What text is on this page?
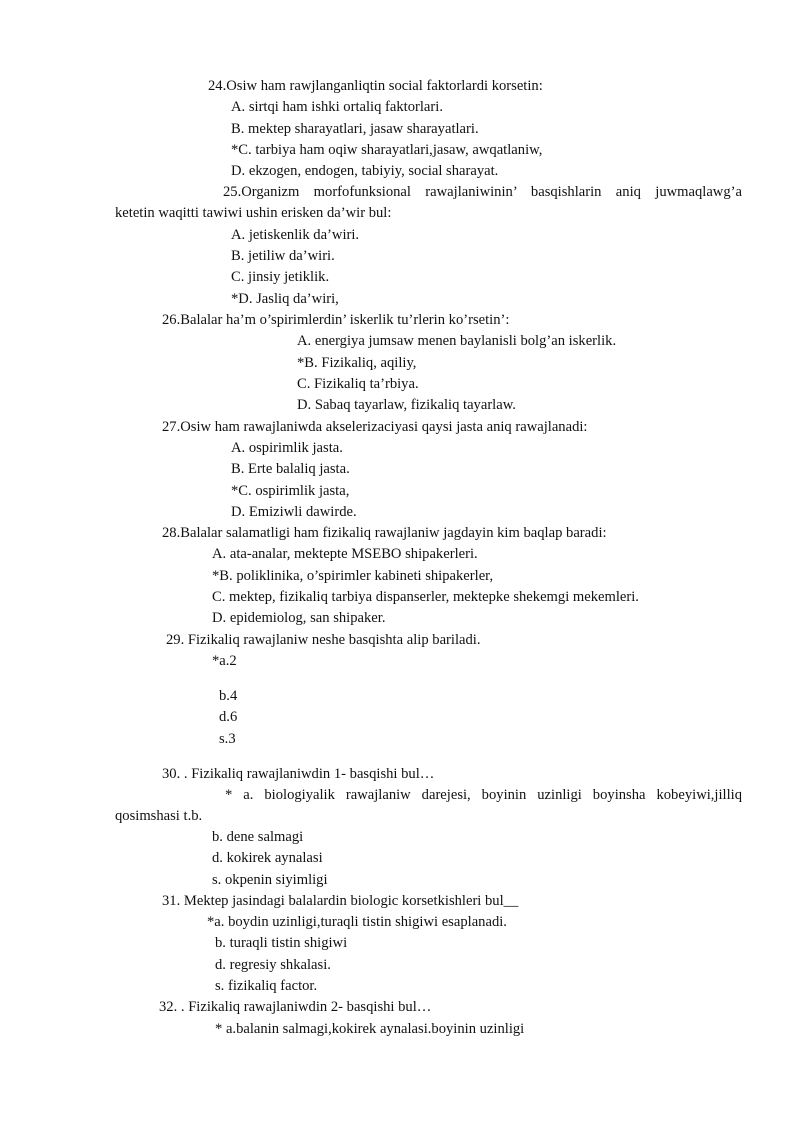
24.Osiw ham rawjlanganliqtin social faktorlardi korsetin:
A. sirtqi ham ishki ortaliq faktorlari.
B. mektep sharayatlari, jasaw sharayatlari.
*C. tarbiya ham oqiw sharayatlari,jasaw, awqatlaniw,
D. ekzogen, endogen, tabiyiy, social sharayat.
25.Organizm morfofunksional rawajlaniwinin’ basqishlarin aniq juwmaqlawg’a
ketetin waqitti tawiwi ushin erisken da’wir bul:
A. jetiskenlik da’wiri.
B. jetiliw da’wiri.
C. jinsiy jetiklik.
*D. Jasliq da’wiri,
26.Balalar ha’m o’spirimlerdin’ iskerlik tu’rlerin ko’rsetin’:
A. energiya jumsaw menen baylanisli bolg’an iskerlik.
*B. Fizikaliq, aqiliy,
C. Fizikaliq ta’rbiya.
D. Sabaq tayarlaw, fizikaliq tayarlaw.
27.Osiw ham rawajlaniwda akselerizaciyasi qaysi jasta aniq rawajlanadi:
A. ospirimlik jasta.
B. Erte balaliq jasta.
*C. ospirimlik jasta,
D. Emiziwli dawirde.
28.Balalar salamatligi ham fizikaliq rawajlaniw jagdayin kim baqlap baradi:
A. ata-analar, mektepte MSEBO shipakerleri.
*B. poliklinika, o’spirimler kabineti shipakerler,
C. mektep, fizikaliq tarbiya dispanserler, mektepke shekemgi mekemleri.
D. epidemiolog, san shipaker.
29. Fizikaliq rawajlaniw neshe basqishta alip bariladi.
*a.2
b.4
d.6
s.3
30. . Fizikaliq rawajlaniwdin 1- basqishi bul…
* a. biologiyalik rawajlaniw darejesi, boyinin uzinligi boyinsha kobeyiwi,jilliq
qosimshasi t.b.
b. dene salmagi
d. kokirek aynalasi
s. okpenin siyimligi
31. Mektep jasindagi balalardin biologic korsetkishleri bul__
*a. boydin uzinligi,turaqli tistin shigiwi esaplanadi.
b. turaqli tistin shigiwi
d. regresiy shkalasi.
s. fizikaliq factor.
32. . Fizikaliq rawajlaniwdin 2- basqishi bul…
* a.balanin salmagi,kokirek aynalasi.boyinin uzinligi
